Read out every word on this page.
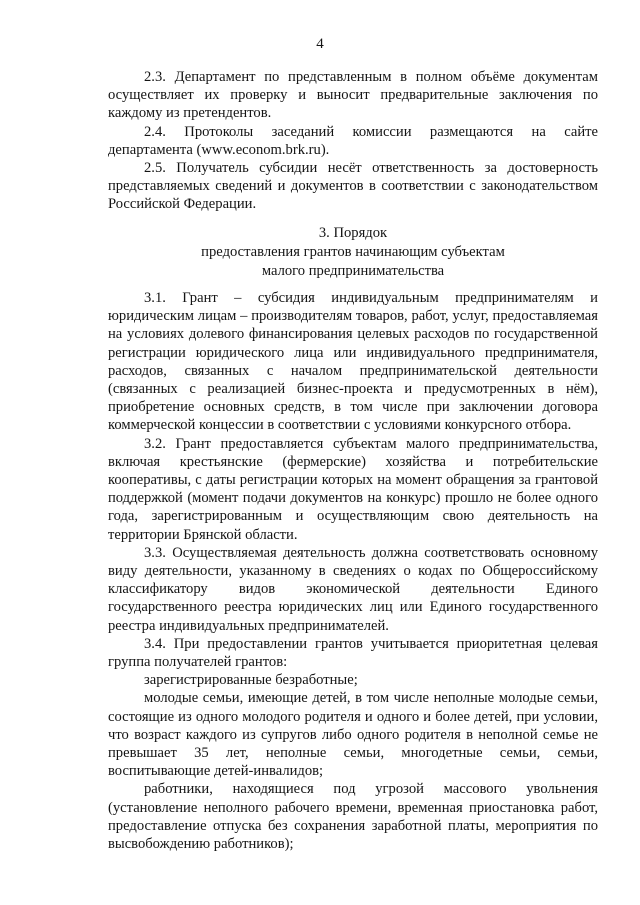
4

2.3. Департамент по представленным в полном объёме документам осуществляет их проверку и выносит предварительные заключения по каждому из претендентов.

2.4. Протоколы заседаний комиссии размещаются на сайте департамента (www.econom.brk.ru).

2.5. Получатель субсидии несёт ответственность за достоверность представляемых сведений и документов в соответствии с законодательством Российской Федерации.

3. Порядок
предоставления грантов начинающим субъектам
малого предпринимательства

3.1. Грант – субсидия индивидуальным предпринимателям и юридическим лицам – производителям товаров, работ, услуг, предоставляемая на условиях долевого финансирования целевых расходов по государственной регистрации юридического лица или индивидуального предпринимателя, расходов, связанных с началом предпринимательской деятельности (связанных с реализацией бизнес-проекта и предусмотренных в нём), приобретение основных средств, в том числе при заключении договора коммерческой концессии в соответствии с условиями конкурсного отбора.

3.2. Грант предоставляется субъектам малого предпринимательства, включая крестьянские (фермерские) хозяйства и потребительские кооперативы, с даты регистрации которых на момент обращения за грантовой поддержкой (момент подачи документов на конкурс) прошло не более одного года, зарегистрированным и осуществляющим свою деятельность на территории Брянской области.

3.3. Осуществляемая деятельность должна соответствовать основному виду деятельности, указанному в сведениях о кодах по Общероссийскому классификатору видов экономической деятельности Единого государственного реестра юридических лиц или Единого государственного реестра индивидуальных предпринимателей.

3.4. При предоставлении грантов учитывается приоритетная целевая группа получателей грантов:

зарегистрированные безработные;

молодые семьи, имеющие детей, в том числе неполные молодые семьи, состоящие из одного молодого родителя и одного и более детей, при условии, что возраст каждого из супругов либо одного родителя в неполной семье не превышает 35 лет, неполные семьи, многодетные семьи, семьи, воспитывающие детей-инвалидов;

работники, находящиеся под угрозой массового увольнения (установление неполного рабочего времени, временная приостановка работ, предоставление отпуска без сохранения заработной платы, мероприятия по высвобождению работников);
